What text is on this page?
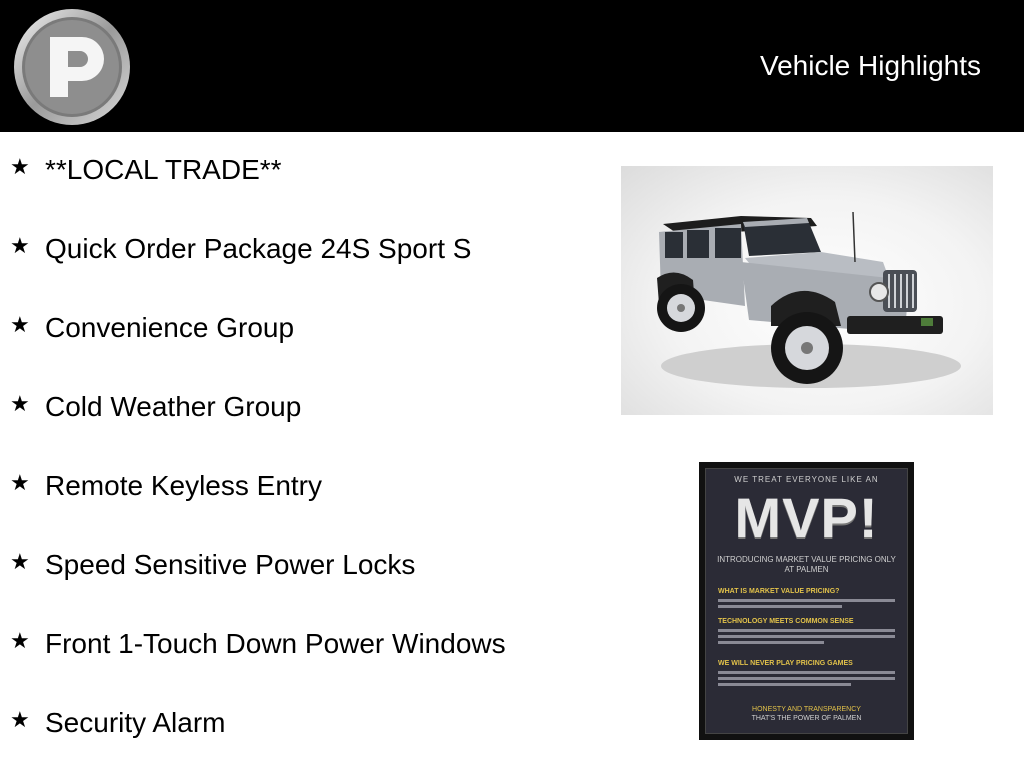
Vehicle Highlights
★ **LOCAL TRADE**
★ Quick Order Package 24S Sport S
★ Convenience Group
★ Cold Weather Group
★ Remote Keyless Entry
★ Speed Sensitive Power Locks
★ Front 1-Touch Down Power Windows
★ Security Alarm
WE TREAT EVERYONE LIKE AN
MVP!
INTRODUCING MARKET VALUE PRICING ONLY AT PALMEN
WHAT IS MARKET VALUE PRICING?
TECHNOLOGY MEETS COMMON SENSE
WE WILL NEVER PLAY PRICING GAMES
HONESTY AND TRANSPARENCY
THAT'S THE POWER OF PALMEN
